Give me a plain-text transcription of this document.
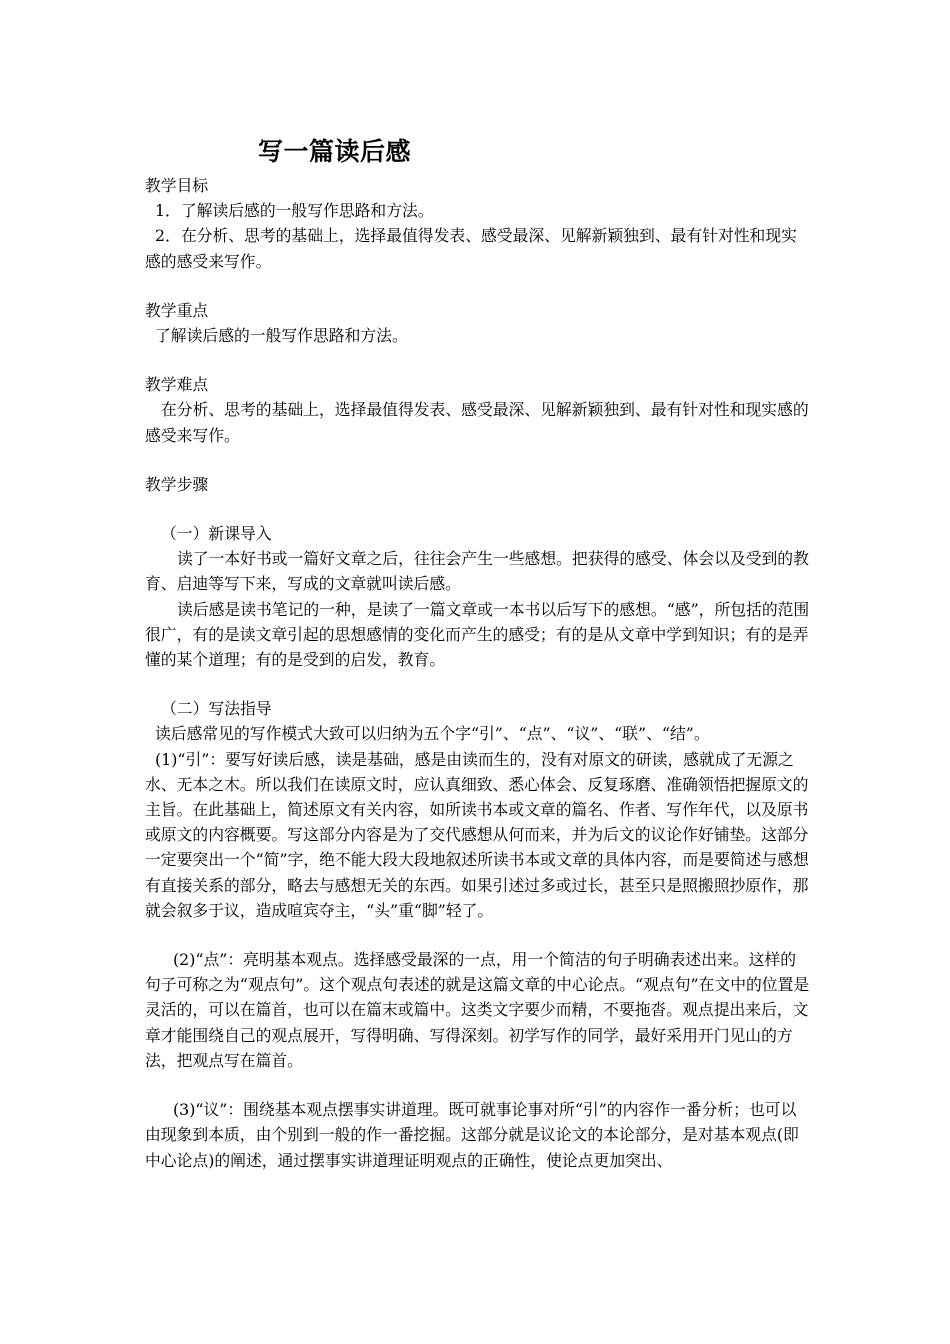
写一篇读后感

教学目标

1．了解读后感的一般写作思路和方法。

2．在分析、思考的基础上，选择最值得发表、感受最深、见解新颖独到、最有针对性和现实感的感受来写作。

教学重点

了解读后感的一般写作思路和方法。

教学难点

在分析、思考的基础上，选择最值得发表、感受最深、见解新颖独到、最有针对性和现实感的感受来写作。

教学步骤

（一）新课导入

读了一本好书或一篇好文章之后，往往会产生一些感想。把获得的感受、体会以及受到的教育、启迪等写下来，写成的文章就叫读后感。

读后感是读书笔记的一种，是读了一篇文章或一本书以后写下的感想。“感”，所包括的范围很广，有的是读文章引起的思想感情的变化而产生的感受；有的是从文章中学到知识；有的是弄懂的某个道理；有的是受到的启发，教育。

（二）写法指导

读后感常见的写作模式大致可以归纳为五个字“引”、“点”、“议”、“联”、“结”。

(1)“引”：要写好读后感，读是基础，感是由读而生的，没有对原文的研读，感就成了无源之水、无本之木。所以我们在读原文时，应认真细致、悉心体会、反复琢磨、准确领悟把握原文的主旨。在此基础上，简述原文有关内容，如所读书本或文章的篇名、作者、写作年代，以及原书或原文的内容概要。写这部分内容是为了交代感想从何而来，并为后文的议论作好铺垫。这部分一定要突出一个“简”字，绝不能大段大段地叙述所读书本或文章的具体内容，而是要简述与感想有直接关系的部分，略去与感想无关的东西。如果引述过多或过长，甚至只是照搬照抄原作，那就会叙多于议，造成喧宾夺主，“头”重“脚”轻了。

(2)“点”：亮明基本观点。选择感受最深的一点，用一个简洁的句子明确表述出来。这样的句子可称之为“观点句”。这个观点句表述的就是这篇文章的中心论点。“观点句”在文中的位置是灵活的，可以在篇首，也可以在篇末或篇中。这类文字要少而精，不要拖沓。观点提出来后，文章才能围绕自己的观点展开，写得明确、写得深刻。初学写作的同学，最好采用开门见山的方法，把观点写在篇首。

(3)“议”：围绕基本观点摆事实讲道理。既可就事论事对所“引”的内容作一番分析；也可以由现象到本质，由个别到一般的作一番挖掘。这部分就是议论文的本论部分，是对基本观点(即中心论点)的阐述，通过摆事实讲道理证明观点的正确性，使论点更加突出、
